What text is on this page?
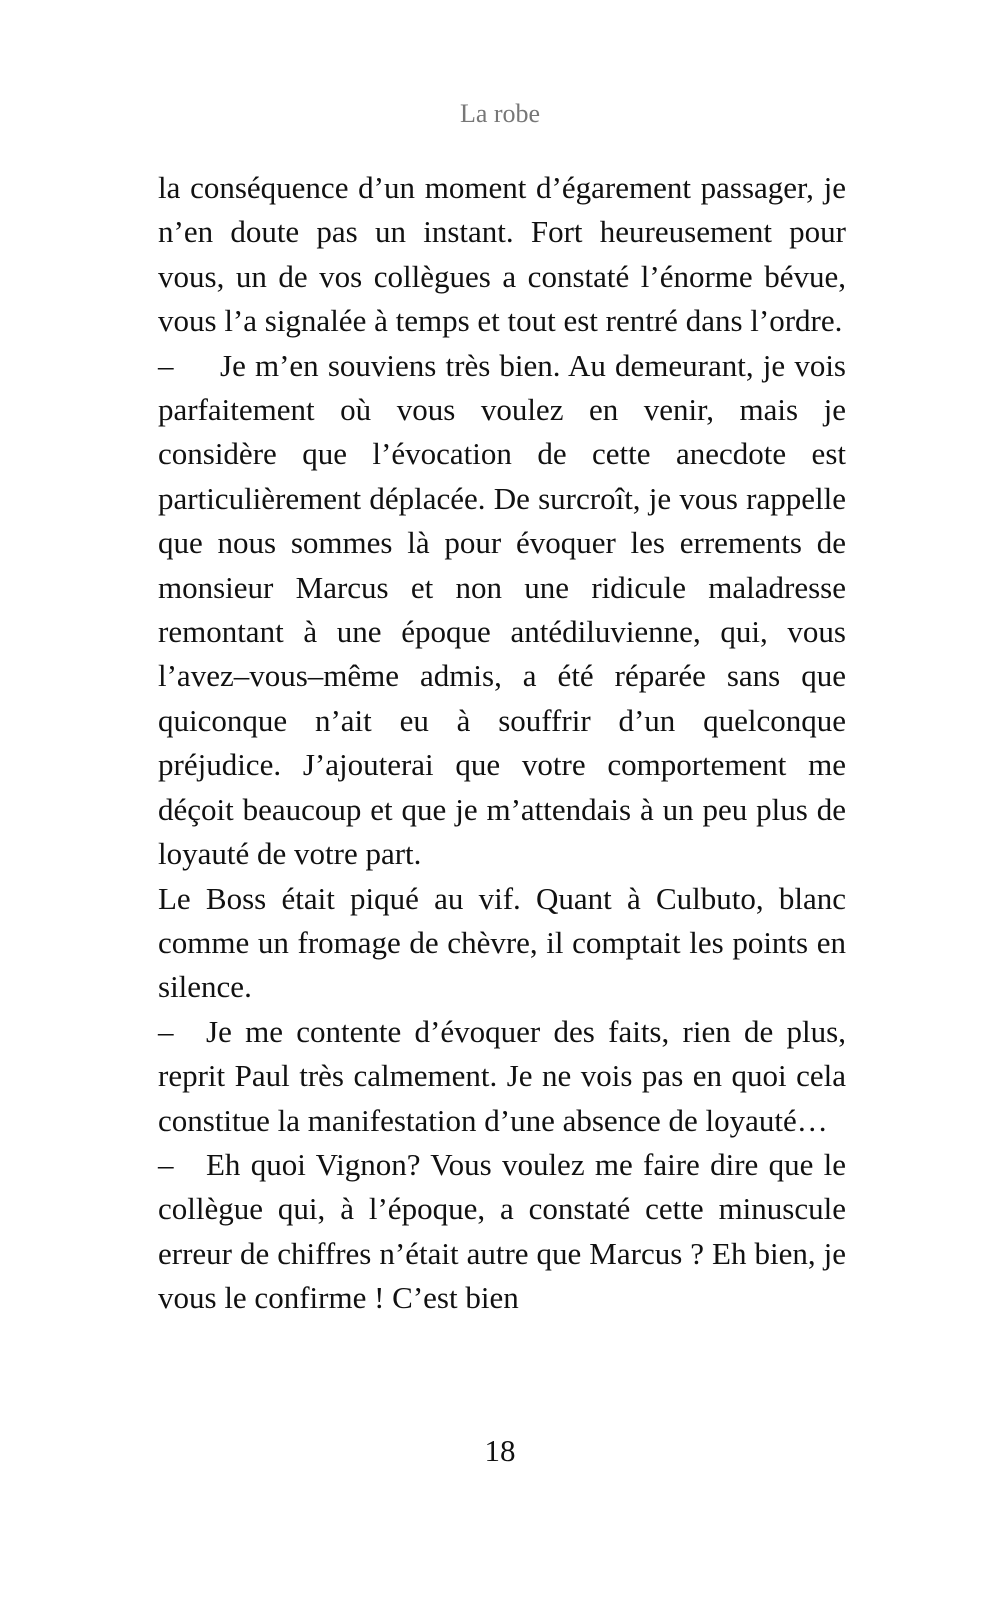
La robe

la conséquence d’un moment d’égarement passager, je n’en doute pas un instant. Fort heureusement pour vous, un de vos collègues a constaté l’énorme bévue, vous l’a signalée à temps et tout est rentré dans l’ordre.

– Je m’en souviens très bien. Au demeurant, je vois parfaitement où vous voulez en venir, mais je considère que l’évocation de cette anecdote est particulièrement déplacée. De surcroît, je vous rappelle que nous sommes là pour évoquer les errements de monsieur Marcus et non une ridicule maladresse remontant à une époque antédiluvienne, qui, vous l’avez–vous–même admis, a été réparée sans que quiconque n’ait eu à souffrir d’un quelconque préjudice. J’ajouterai que votre comportement me déçoit beaucoup et que je m’attendais à un peu plus de loyauté de votre part.

Le Boss était piqué au vif. Quant à Culbuto, blanc comme un fromage de chèvre, il comptait les points en silence.

– Je me contente d’évoquer des faits, rien de plus, reprit Paul très calmement. Je ne vois pas en quoi cela constitue la manifestation d’une absence de loyauté…

– Eh quoi Vignon? Vous voulez me faire dire que le collègue qui, à l’époque, a constaté cette minuscule erreur de chiffres n’était autre que Marcus ? Eh bien, je vous le confirme ! C’est bien

18
